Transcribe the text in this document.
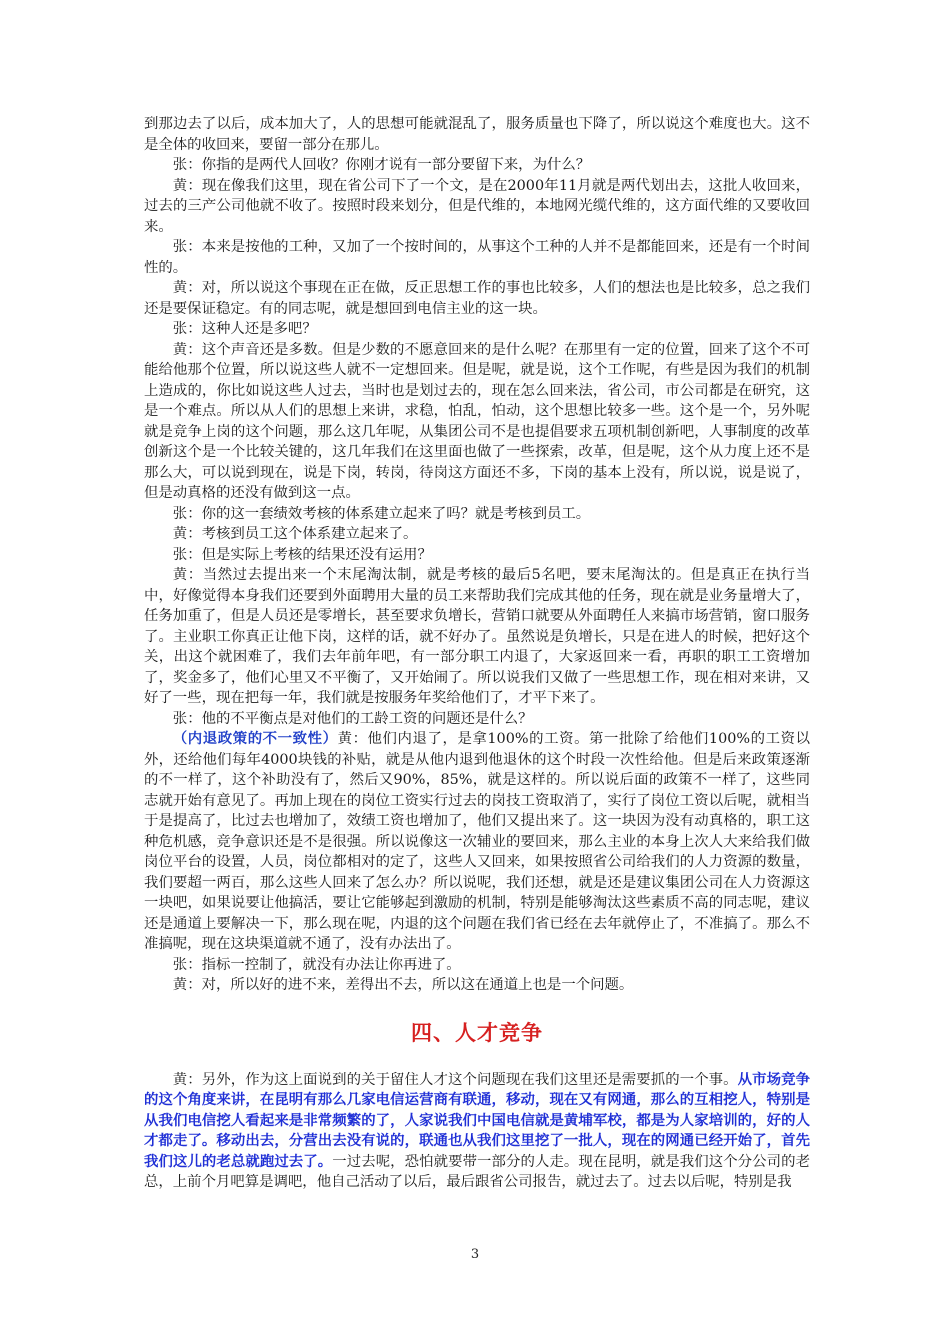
到那边去了以后，成本加大了，人的思想可能就混乱了，服务质量也下降了，所以说这个难度也大。这不是全体的收回来，要留一部分在那儿。

张：你指的是两代人回收？你刚才说有一部分要留下来，为什么？

黄：现在像我们这里，现在省公司下了一个文，是在2000年11月就是两代划出去，这批人收回来，过去的三产公司他就不收了。按照时段来划分，但是代维的，本地网光缆代维的，这方面代维的又要收回来。

张：本来是按他的工种，又加了一个按时间的，从事这个工种的人并不是都能回来，还是有一个时间性的。

黄：对，所以说这个事现在正在做，反正思想工作的事也比较多，人们的想法也是比较多，总之我们还是要保证稳定。有的同志呢，就是想回到电信主业的这一块。

张：这种人还是多吧？

黄：这个声音还是多数。但是少数的不愿意回来的是什么呢？在那里有一定的位置，回来了这个不可能给他那个位置，所以说这些人就不一定想回来。但是呢，就是说，这个工作呢，有些是因为我们的机制上造成的，你比如说这些人过去，当时也是划过去的，现在怎么回来法，省公司，市公司都是在研究，这是一个难点。所以从人们的思想上来讲，求稳，怕乱，怕动，这个思想比较多一些。这个是一个，另外呢就是竞争上岗的这个问题，那么这几年呢，从集团公司不是也提倡要求五项机制创新吧，人事制度的改革创新这个是一个比较关键的，这几年我们在这里面也做了一些探索，改革，但是呢，这个从力度上还不是那么大，可以说到现在，说是下岗，转岗，待岗这方面还不多，下岗的基本上没有，所以说，说是说了，但是动真格的还没有做到这一点。

张：你的这一套绩效考核的体系建立起来了吗？就是考核到员工。

黄：考核到员工这个体系建立起来了。

张：但是实际上考核的结果还没有运用？

黄：当然过去提出来一个末尾淘汰制，就是考核的最后5名吧，要末尾淘汰的。但是真正在执行当中，好像觉得本身我们还要到外面聘用大量的员工来帮助我们完成其他的任务，现在就是业务量增大了，任务加重了，但是人员还是零增长，甚至要求负增长，营销口就要从外面聘任人来搞市场营销，窗口服务了。主业职工你真正让他下岗，这样的话，就不好办了。虽然说是负增长，只是在进人的时候，把好这个关，出这个就困难了，我们去年前年吧，有一部分职工内退了，大家返回来一看，再职的职工工资增加了，奖金多了，他们心里又不平衡了，又开始闹了。所以说我们又做了一些思想工作，现在相对来讲，又好了一些，现在把每一年，我们就是按服务年奖给他们了，才平下来了。

张：他的不平衡点是对他们的工龄工资的问题还是什么？

（内退政策的不一致性）黄：他们内退了，是拿100%的工资。第一批除了给他们100%的工资以外，还给他们每年4000块钱的补贴，就是从他内退到他退休的这个时段一次性给他。但是后来政策逐渐的不一样了，这个补助没有了，然后又90%，85%，就是这样的。所以说后面的政策不一样了，这些同志就开始有意见了。再加上现在的岗位工资实行过去的岗技工资取消了，实行了岗位工资以后呢，就相当于是提高了，比过去也增加了，效绩工资也增加了，他们又提出来了。这一块因为没有动真格的，职工这种危机感，竞争意识还是不是很强。所以说像这一次辅业的要回来，那么主业的本身上次人大来给我们做岗位平台的设置，人员，岗位都相对的定了，这些人又回来，如果按照省公司给我们的人力资源的数量，我们要超一两百，那么这些人回来了怎么办？所以说呢，我们还想，就是还是建议集团公司在人力资源这一块吧，如果说要让他搞活，要让它能够起到激励的机制，特别是能够淘汰这些素质不高的同志呢，建议还是通道上要解决一下，那么现在呢，内退的这个问题在我们省已经在去年就停止了，不准搞了。那么不准搞呢，现在这块渠道就不通了，没有办法出了。

张：指标一控制了，就没有办法让你再进了。

黄：对，所以好的进不来，差得出不去，所以这在通道上也是一个问题。

四、人才竞争

黄：另外，作为这上面说到的关于留住人才这个问题现在我们这里还是需要抓的一个事。从市场竞争的这个角度来讲，在昆明有那么几家电信运营商有联通，移动，现在又有网通，那么的互相挖人，特别是从我们电信挖人看起来是非常频繁的了，人家说我们中国电信就是黄埔军校，都是为人家培训的，好的人才都走了。移动出去，分营出去没有说的，联通也从我们这里挖了一批人，现在的网通已经开始了，首先我们这儿的老总就跑过去了。一过去呢，恐怕就要带一部分的人走。现在昆明，就是我们这个分公司的老总，上前个月吧算是调吧，他自己活动了以后，最后跟省公司报告，就过去了。过去以后呢，特别是我

3
